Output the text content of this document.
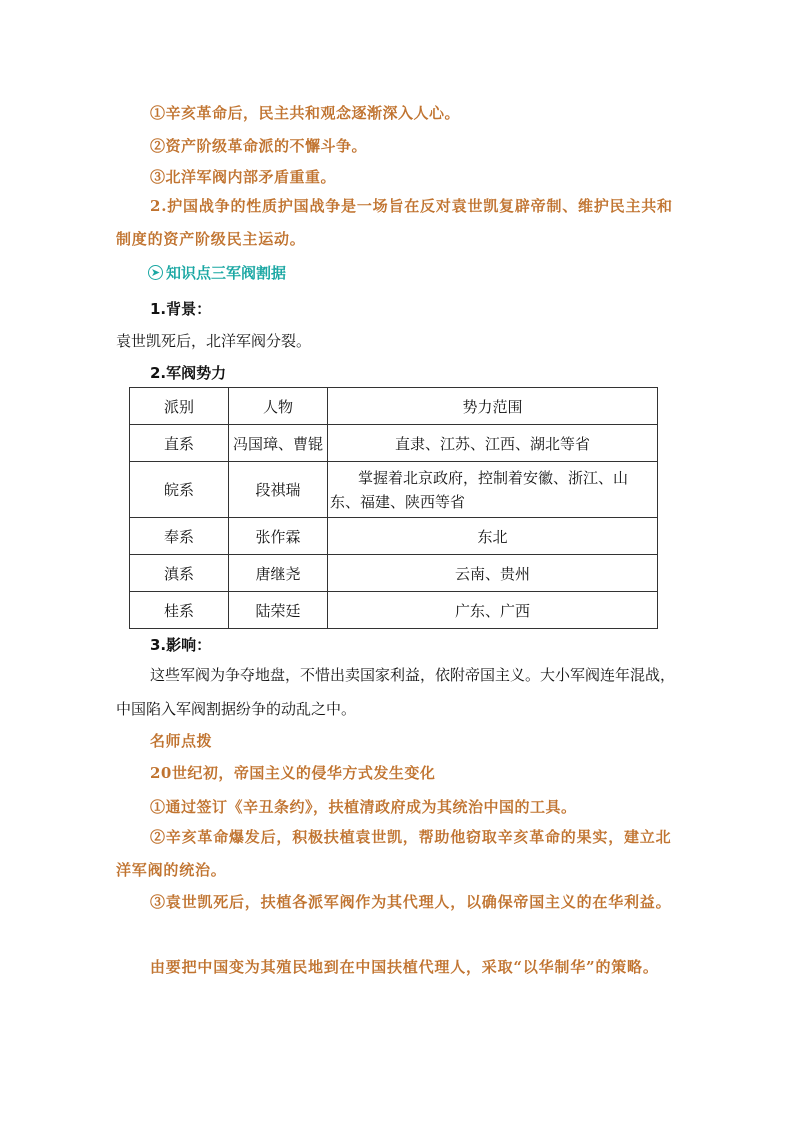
①辛亥革命后，民主共和观念逐渐深入人心。
②资产阶级革命派的不懈斗争。
③北洋军阀内部矛盾重重。
2.护国战争的性质护国战争是一场旨在反对袁世凯复辟帝制、维护民主共和制度的资产阶级民主运动。
➤ 知识点三军阀割据
1.背景：
袁世凯死后，北洋军阀分裂。
2.军阀势力
派别	人物	势力范围
直系	冯国璋、曹锟	直隶、江苏、江西、湖北等省
皖系	段祺瑞	掌握着北京政府，控制着安徽、浙江、山东、福建、陕西等省
奉系	张作霖	东北
滇系	唐继尧	云南、贵州
桂系	陆荣廷	广东、广西
3.影响：
这些军阀为争夺地盘，不惜出卖国家利益，依附帝国主义。大小军阀连年混战，中国陷入军阀割据纷争的动乱之中。
名师点拨
20世纪初，帝国主义的侵华方式发生变化
①通过签订《辛丑条约》，扶植清政府成为其统治中国的工具。
②辛亥革命爆发后，积极扶植袁世凯，帮助他窃取辛亥革命的果实，建立北洋军阀的统治。
③袁世凯死后，扶植各派军阀作为其代理人，以确保帝国主义的在华利益。
由要把中国变为其殖民地到在中国扶植代理人，采取“以华制华”的策略。
